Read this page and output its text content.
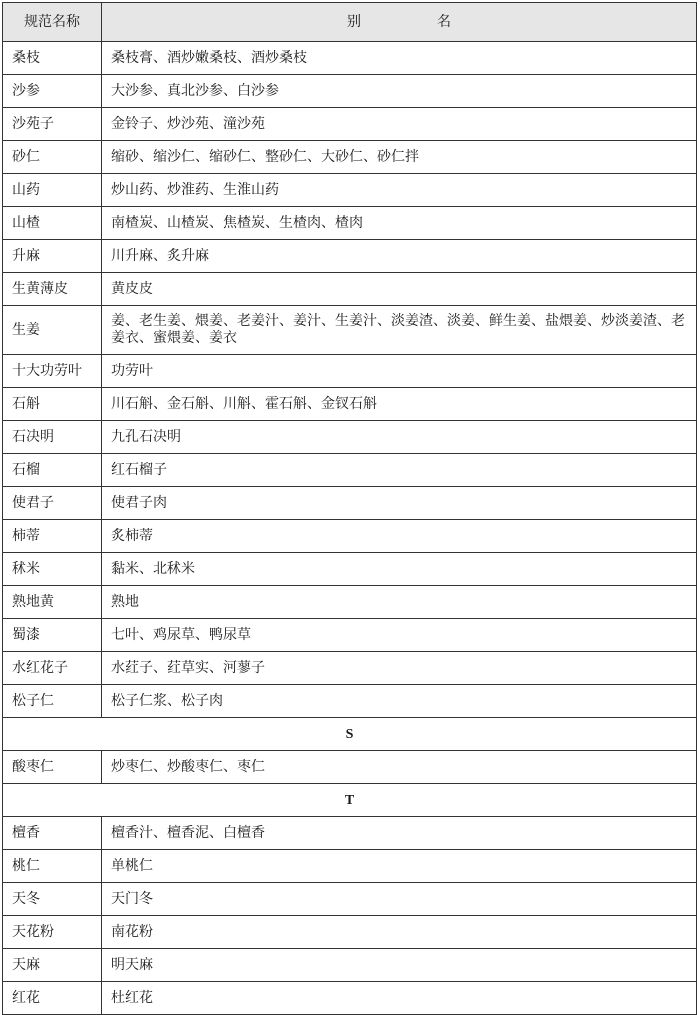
规范名称	别 名
桑枝	桑枝膏、酒炒嫩桑枝、酒炒桑枝
沙参	大沙参、真北沙参、白沙参
沙苑子	金铃子、炒沙苑、潼沙苑
砂仁	缩砂、缩沙仁、缩砂仁、整砂仁、大砂仁、砂仁拌
山药	炒山药、炒淮药、生淮山药
山楂	南楂炭、山楂炭、焦楂炭、生楂肉、楂肉
升麻	川升麻、炙升麻
生黄薄皮	黄皮皮
生姜	姜、老生姜、煨姜、老姜汁、姜汁、生姜汁、淡姜渣、淡姜、鲜生姜、盐煨姜、炒淡姜渣、老姜衣、蜜煨姜、姜衣
十大功劳叶	功劳叶
石斛	川石斛、金石斛、川斛、霍石斛、金钗石斛
石决明	九孔石决明
石榴	红石榴子
使君子	使君子肉
柿蒂	炙柿蒂
秫米	黏米、北秫米
熟地黄	熟地
蜀漆	七叶、鸡尿草、鸭尿草
水红花子	水荭子、荭草实、河蓼子
松子仁	松子仁浆、松子肉
S	
酸枣仁	炒枣仁、炒酸枣仁、枣仁
T	
檀香	檀香汁、檀香泥、白檀香
桃仁	单桃仁
天冬	天门冬
天花粉	南花粉
天麻	明天麻
红花	杜红花
